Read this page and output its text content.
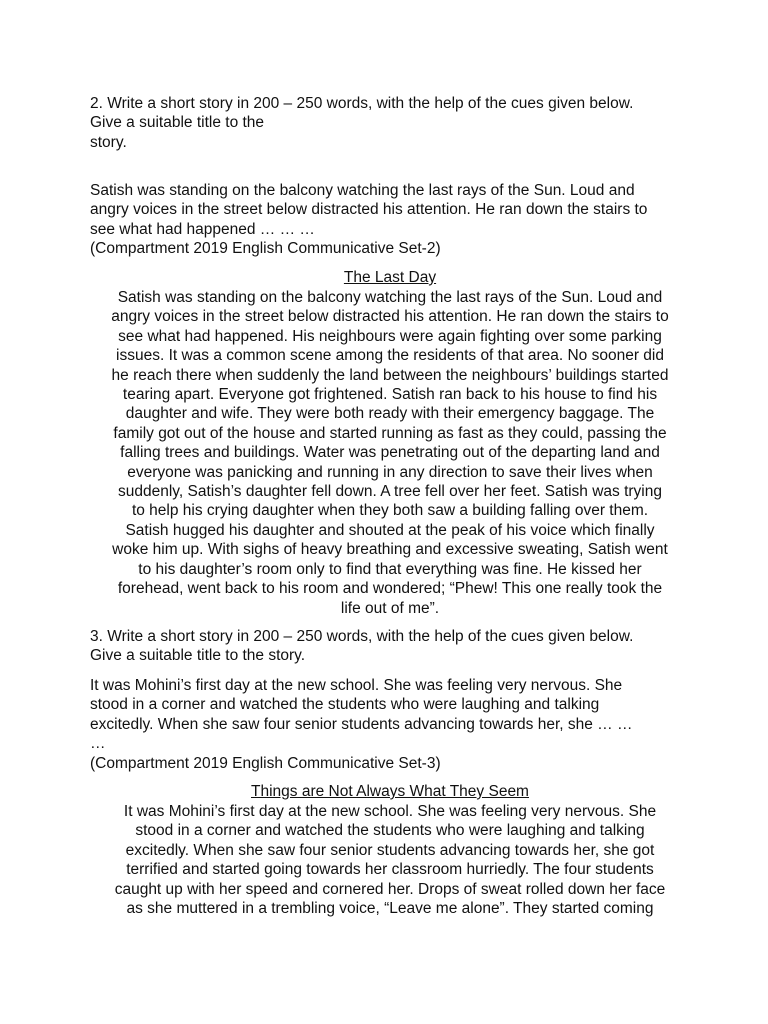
2. Write a short story in 200 – 250 words, with the help of the cues given below.
Give a suitable title to the
story.
Satish was standing on the balcony watching the last rays of the Sun. Loud and
angry voices in the street below distracted his attention. He ran down the stairs to
see what had happened … … …
(Compartment 2019 English Communicative Set-2)
The Last Day
Satish was standing on the balcony watching the last rays of the Sun. Loud and
angry voices in the street below distracted his attention. He ran down the stairs to
see what had happened. His neighbours were again fighting over some parking
issues. It was a common scene among the residents of that area. No sooner did
he reach there when suddenly the land between the neighbours’ buildings started
tearing apart. Everyone got frightened. Satish ran back to his house to find his
daughter and wife. They were both ready with their emergency baggage. The
family got out of the house and started running as fast as they could, passing the
falling trees and buildings. Water was penetrating out of the departing land and
everyone was panicking and running in any direction to save their lives when
suddenly, Satish’s daughter fell down. A tree fell over her feet. Satish was trying
to help his crying daughter when they both saw a building falling over them.
Satish hugged his daughter and shouted at the peak of his voice which finally
woke him up. With sighs of heavy breathing and excessive sweating, Satish went
to his daughter’s room only to find that everything was fine. He kissed her
forehead, went back to his room and wondered; “Phew! This one really took the
life out of me”.
3. Write a short story in 200 – 250 words, with the help of the cues given below.
Give a suitable title to the story.
It was Mohini’s first day at the new school. She was feeling very nervous. She
stood in a corner and watched the students who were laughing and talking
excitedly. When she saw four senior students advancing towards her, she … …
…
(Compartment 2019 English Communicative Set-3)
Things are Not Always What They Seem
It was Mohini’s first day at the new school. She was feeling very nervous. She
stood in a corner and watched the students who were laughing and talking
excitedly. When she saw four senior students advancing towards her, she got
terrified and started going towards her classroom hurriedly. The four students
caught up with her speed and cornered her. Drops of sweat rolled down her face
as she muttered in a trembling voice, “Leave me alone”. They started coming
